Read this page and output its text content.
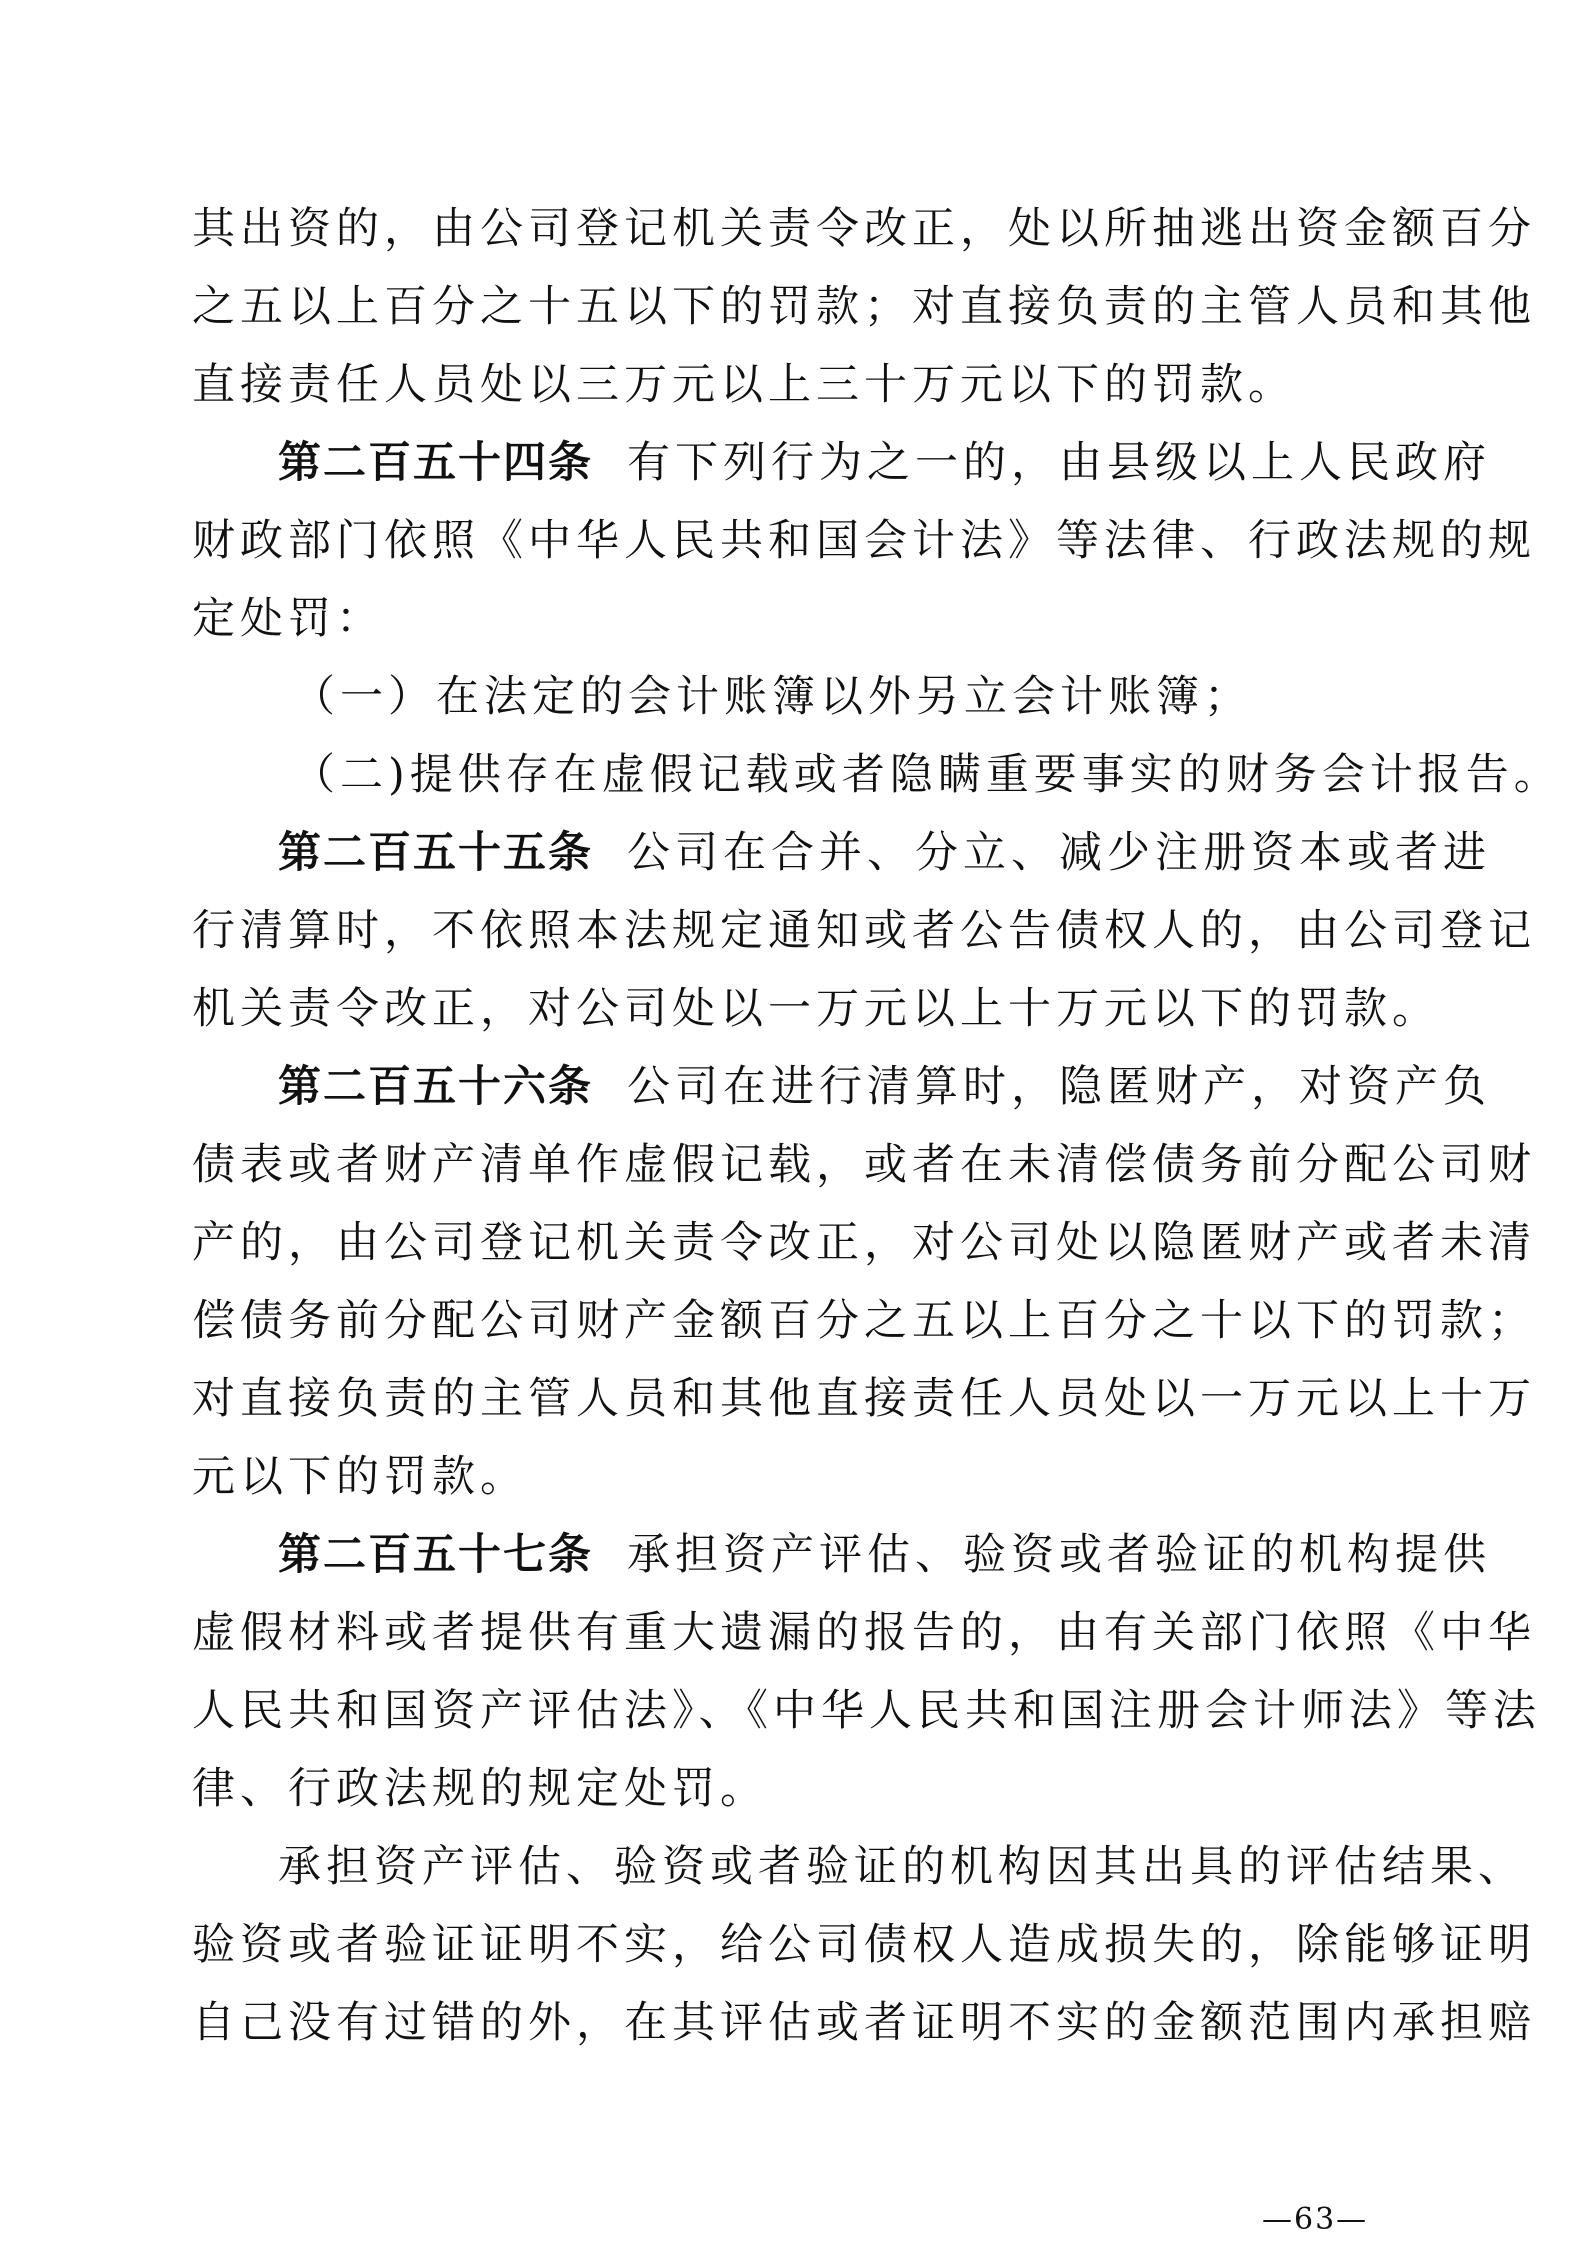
其出资的，由公司登记机关责令改正，处以所抽逃出资金额百分
之五以上百分之十五以下的罚款；对直接负责的主管人员和其他
直接责任人员处以三万元以上三十万元以下的罚款。
第二百五十四条 有下列行为之一的，由县级以上人民政府
财政部门依照《中华人民共和国会计法》等法律、行政法规的规
定处罚：
（一）在法定的会计账簿以外另立会计账簿；
（二)提供存在虚假记载或者隐瞒重要事实的财务会计报告。
第二百五十五条 公司在合并、分立、减少注册资本或者进
行清算时，不依照本法规定通知或者公告债权人的，由公司登记
机关责令改正，对公司处以一万元以上十万元以下的罚款。
第二百五十六条 公司在进行清算时，隐匿财产，对资产负
债表或者财产清单作虚假记载，或者在未清偿债务前分配公司财
产的，由公司登记机关责令改正，对公司处以隐匿财产或者未清
偿债务前分配公司财产金额百分之五以上百分之十以下的罚款；
对直接负责的主管人员和其他直接责任人员处以一万元以上十万
元以下的罚款。
第二百五十七条 承担资产评估、验资或者验证的机构提供
虚假材料或者提供有重大遗漏的报告的，由有关部门依照《中华
人民共和国资产评估法》、《中华人民共和国注册会计师法》等法
律、行政法规的规定处罚。
承担资产评估、验资或者验证的机构因其出具的评估结果、
验资或者验证证明不实，给公司债权人造成损失的，除能够证明
自己没有过错的外，在其评估或者证明不实的金额范围内承担赔
—63—
